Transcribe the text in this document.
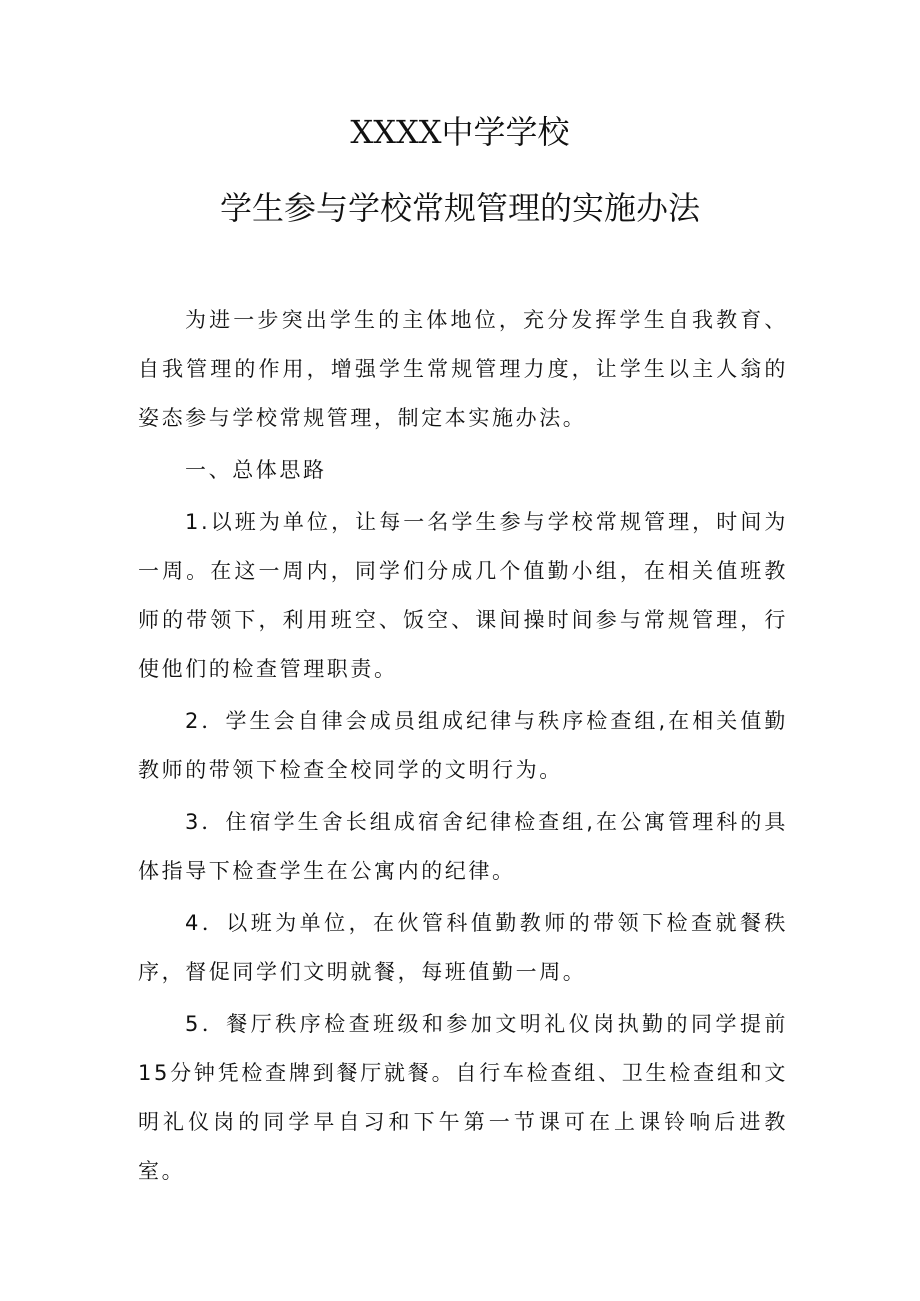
XXXX中学学校
学生参与学校常规管理的实施办法

为进一步突出学生的主体地位，充分发挥学生自我教育、自我管理的作用，增强学生常规管理力度，让学生以主人翁的姿态参与学校常规管理，制定本实施办法。

一、总体思路

1.以班为单位，让每一名学生参与学校常规管理，时间为一周。在这一周内，同学们分成几个值勤小组，在相关值班教师的带领下，利用班空、饭空、课间操时间参与常规管理，行使他们的检查管理职责。

2．学生会自律会成员组成纪律与秩序检查组,在相关值勤教师的带领下检查全校同学的文明行为。

3．住宿学生舍长组成宿舍纪律检查组,在公寓管理科的具体指导下检查学生在公寓内的纪律。

4．以班为单位，在伙管科值勤教师的带领下检查就餐秩序，督促同学们文明就餐，每班值勤一周。

5．餐厅秩序检查班级和参加文明礼仪岗执勤的同学提前15分钟凭检查牌到餐厅就餐。自行车检查组、卫生检查组和文明礼仪岗的同学早自习和下午第一节课可在上课铃响后进教室。
